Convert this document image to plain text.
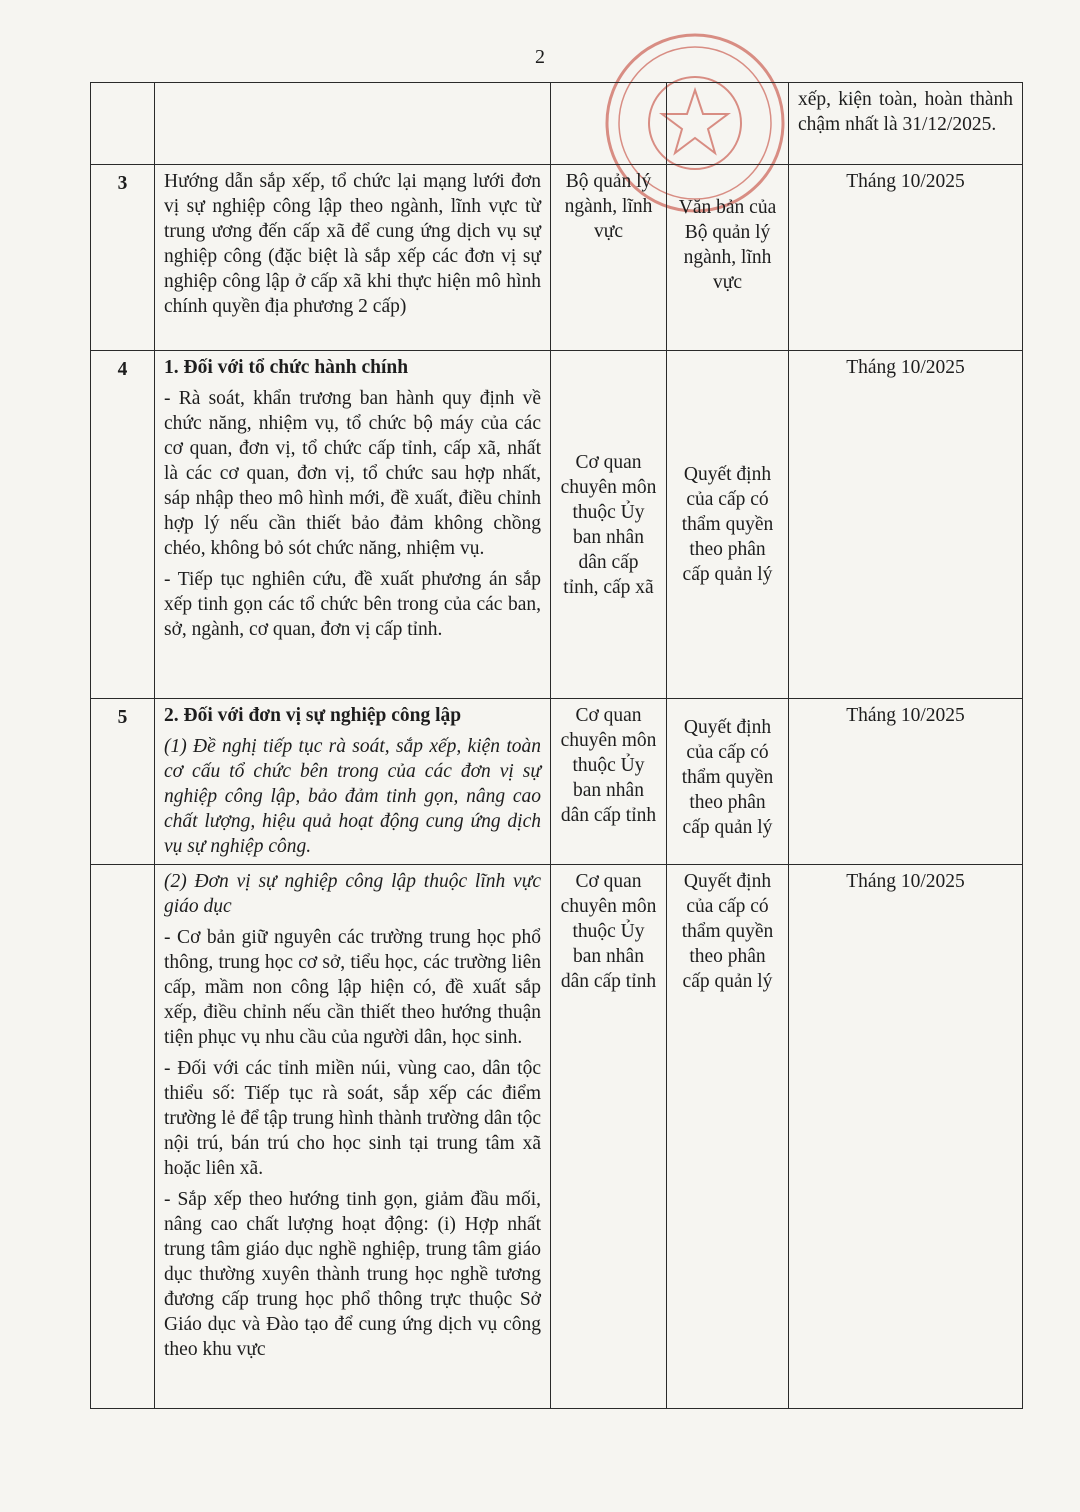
2
				xếp, kiện toàn, hoàn thành chậm nhất là 31/12/2025.
3	Hướng dẫn sắp xếp, tổ chức lại mạng lưới đơn vị sự nghiệp công lập theo ngành, lĩnh vực từ trung ương đến cấp xã để cung ứng dịch vụ sự nghiệp công (đặc biệt là sắp xếp các đơn vị sự nghiệp công lập ở cấp xã khi thực hiện mô hình chính quyền địa phương 2 cấp)	Bộ quản lý ngành, lĩnh vực	Văn bản của Bộ quản lý ngành, lĩnh vực	Tháng 10/2025
4	1. Đối với tổ chức hành chính

- Rà soát, khẩn trương ban hành quy định về chức năng, nhiệm vụ, tổ chức bộ máy của các cơ quan, đơn vị, tổ chức cấp tỉnh, cấp xã, nhất là các cơ quan, đơn vị, tổ chức sau hợp nhất, sáp nhập theo mô hình mới, đề xuất, điều chỉnh hợp lý nếu cần thiết bảo đảm không chồng chéo, không bỏ sót chức năng, nhiệm vụ.

- Tiếp tục nghiên cứu, đề xuất phương án sắp xếp tinh gọn các tổ chức bên trong của các ban, sở, ngành, cơ quan, đơn vị cấp tỉnh.	Cơ quan chuyên môn thuộc Ủy ban nhân dân cấp tỉnh, cấp xã	Quyết định của cấp có thẩm quyền theo phân cấp quản lý	Tháng 10/2025
5	2. Đối với đơn vị sự nghiệp công lập

(1) Đề nghị tiếp tục rà soát, sắp xếp, kiện toàn cơ cấu tổ chức bên trong của các đơn vị sự nghiệp công lập, bảo đảm tinh gọn, nâng cao chất lượng, hiệu quả hoạt động cung ứng dịch vụ sự nghiệp công.	Cơ quan chuyên môn thuộc Ủy ban nhân dân cấp tỉnh	Quyết định của cấp có thẩm quyền theo phân cấp quản lý	Tháng 10/2025

	(2) Đơn vị sự nghiệp công lập thuộc lĩnh vực giáo dục

- Cơ bản giữ nguyên các trường trung học phổ thông, trung học cơ sở, tiểu học, các trường liên cấp, mầm non công lập hiện có, đề xuất sắp xếp, điều chỉnh nếu cần thiết theo hướng thuận tiện phục vụ nhu cầu của người dân, học sinh.

- Đối với các tỉnh miền núi, vùng cao, dân tộc thiểu số: Tiếp tục rà soát, sắp xếp các điểm trường lẻ để tập trung hình thành trường dân tộc nội trú, bán trú cho học sinh tại trung tâm xã hoặc liên xã.

- Sắp xếp theo hướng tinh gọn, giảm đầu mối, nâng cao chất lượng hoạt động: (i) Hợp nhất trung tâm giáo dục nghề nghiệp, trung tâm giáo dục thường xuyên thành trung học nghề tương đương cấp trung học phổ thông trực thuộc Sở Giáo dục và Đào tạo để cung ứng dịch vụ công theo khu vực	Cơ quan chuyên môn thuộc Ủy ban nhân dân cấp tỉnh	Quyết định của cấp có thẩm quyền theo phân cấp quản lý	Tháng 10/2025
